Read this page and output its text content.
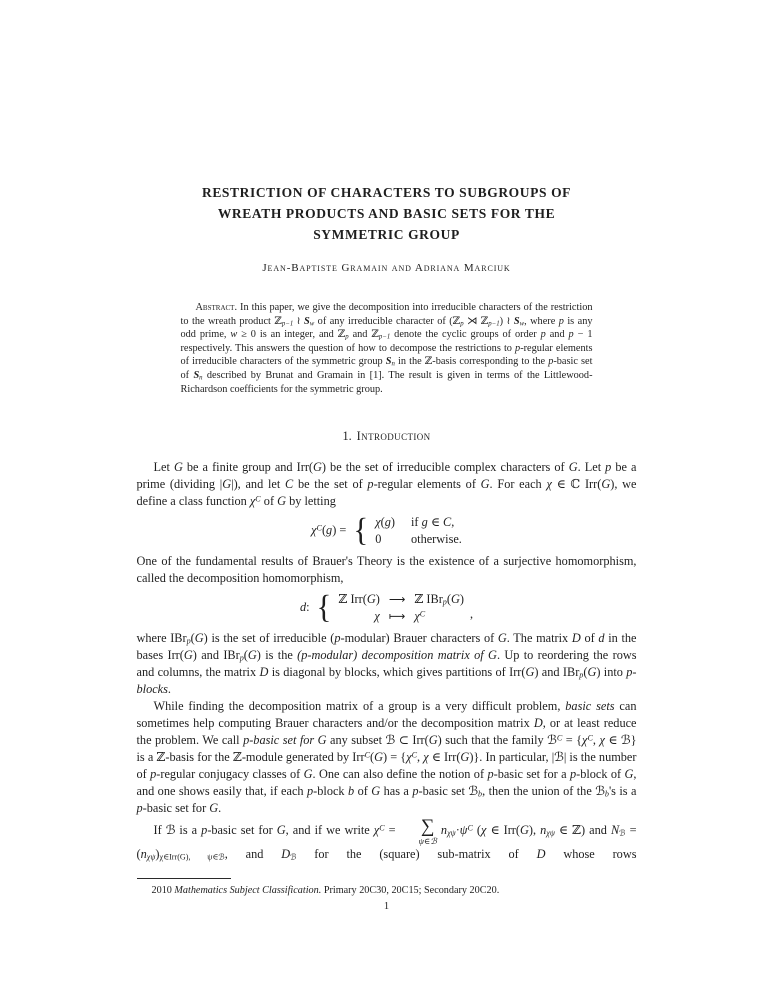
RESTRICTION OF CHARACTERS TO SUBGROUPS OF
WREATH PRODUCTS AND BASIC SETS FOR THE
SYMMETRIC GROUP
Jean-Baptiste Gramain and Adriana Marciuk
Abstract. In this paper, we give the decomposition into irreducible characters of the restriction to the wreath product ℤp−1 ≀ Sw of any irreducible character of (ℤp ⋊ ℤp−1) ≀ Sw, where p is any odd prime, w ≥ 0 is an integer, and ℤp and ℤp−1 denote the cyclic groups of order p and p − 1 respectively. This answers the question of how to decompose the restrictions to p-regular elements of irreducible characters of the symmetric group Sn in the ℤ-basis corresponding to the p-basic set of Sn described by Brunat and Gramain in [1]. The result is given in terms of the Littlewood-Richardson coefficients for the symmetric group.
1. Introduction

Let G be a finite group and Irr(G) be the set of irreducible complex characters of G. Let p be a prime (dividing |G|), and let C be the set of p-regular elements of G. For each χ ∈ ℂ Irr(G), we define a class function $\chi^C$ of G by letting

$\chi^C(g)$ = { χ(g) if g ∈ C,
0	otherwise.

One of the fundamental results of Brauer's Theory is the existence of a surjective homomorphism, called the decomposition homomorphism,

d: { ℤ Irr(G) ⟶ ℤ IBrp(G)
χ ⟼ $\chi^C$	,

where IBrp(G) is the set of irreducible (p-modular) Brauer characters of G. The matrix D of d in the bases Irr(G) and IBrp(G) is the (p-modular) decomposition matrix of G. Up to reordering the rows and columns, the matrix D is diagonal by blocks, which gives partitions of Irr(G) and IBrp(G) into p-blocks.

While finding the decomposition matrix of a group is a very difficult problem, basic sets can sometimes help computing Brauer characters and/or the decomposition matrix D, or at least reduce the problem. We call p-basic set for G any subset ℬ ⊂ Irr(G) such that the family ℬ$^C$ = {$\chi^C$, χ ∈ ℬ} is a ℤ-basis for the ℤ-module generated by $Irr^C(G) = \{\chi^C$, χ ∈ Irr(G)}. In particular, |ℬ| is the number of p-regular conjugacy classes of G. One can also define the notion of p-basic set for a p-block of G, and one shows easily that, if each p-block b of G has a p-basic set ℬb, then the union of the ℬb's is a p-basic set for G.

If ℬ is a p-basic set for G, and if we write $\chi^C$ =	∑
ψ∈ℬ
$n\chi\psi\cdot\psi^C$ (χ ∈ Irr(G), nχψ ∈ ℤ) and Nℬ = (nχψ)χ∈Irr(G), ψ∈ℬ, and Dℬ for the (square) sub-matrix of D whose rows

2010 Mathematics Subject Classification. Primary 20C30, 20C15; Secondary 20C20.
1
